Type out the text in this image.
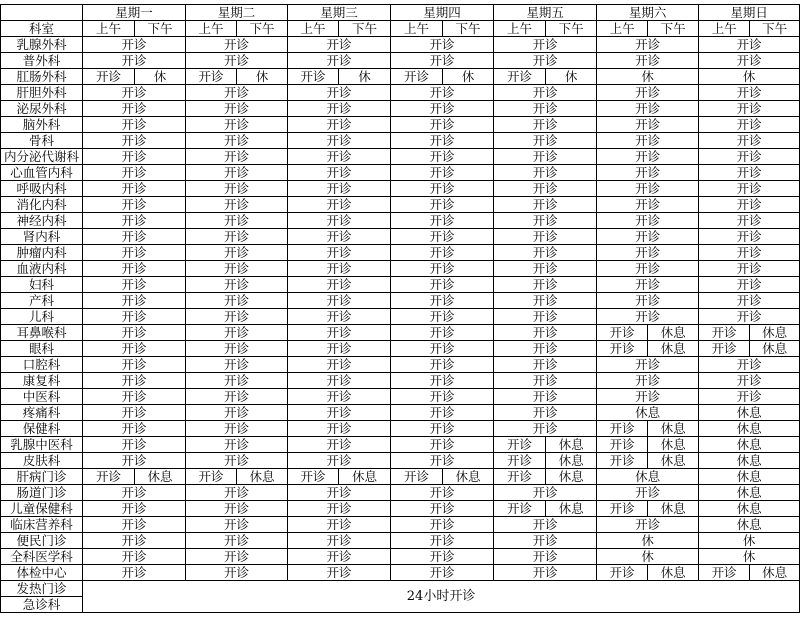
	星期一		星期二		星期三		星期四		星期五		星期六		星期日	
科室	上午	下午	上午	下午	上午	下午	上午	下午	上午	下午	上午	下午	上午	下午
乳腺外科	开诊		开诊		开诊		开诊		开诊		开诊		开诊	
普外科	开诊		开诊		开诊		开诊		开诊		开诊		开诊	
肛肠外科	开诊	休	开诊	休	开诊	休	开诊	休	开诊	休	休		休	
肝胆外科	开诊		开诊		开诊		开诊		开诊		开诊		开诊	
泌尿外科	开诊		开诊		开诊		开诊		开诊		开诊		开诊	
脑外科	开诊		开诊		开诊		开诊		开诊		开诊		开诊	
骨科	开诊		开诊		开诊		开诊		开诊		开诊		开诊	
内分泌代谢科	开诊		开诊		开诊		开诊		开诊		开诊		开诊	
心血管内科	开诊		开诊		开诊		开诊		开诊		开诊		开诊	
呼吸内科	开诊		开诊		开诊		开诊		开诊		开诊		开诊	
消化内科	开诊		开诊		开诊		开诊		开诊		开诊		开诊	
神经内科	开诊		开诊		开诊		开诊		开诊		开诊		开诊	
肾内科	开诊		开诊		开诊		开诊		开诊		开诊		开诊	
肿瘤内科	开诊		开诊		开诊		开诊		开诊		开诊		开诊	
血液内科	开诊		开诊		开诊		开诊		开诊		开诊		开诊	
妇科	开诊		开诊		开诊		开诊		开诊		开诊		开诊	
产科	开诊		开诊		开诊		开诊		开诊		开诊		开诊	
儿科	开诊		开诊		开诊		开诊		开诊		开诊		开诊	
耳鼻喉科	开诊		开诊		开诊		开诊		开诊		开诊	休息	开诊	休息
眼科	开诊		开诊		开诊		开诊		开诊		开诊	休息	开诊	休息
口腔科	开诊		开诊		开诊		开诊		开诊		开诊		开诊	
康复科	开诊		开诊		开诊		开诊		开诊		开诊		开诊	
中医科	开诊		开诊		开诊		开诊		开诊		开诊		开诊	
疼痛科	开诊		开诊		开诊		开诊		开诊		休息		休息	
保健科	开诊		开诊		开诊		开诊		开诊		开诊	休息	休息	
乳腺中医科	开诊		开诊		开诊		开诊		开诊	休息	开诊	休息	休息	
皮肤科	开诊		开诊		开诊		开诊		开诊	休息	开诊	休息	休息	
肝病门诊	开诊	休息	开诊	休息	开诊	休息	开诊	休息	开诊	休息	休息		休息	
肠道门诊	开诊		开诊		开诊		开诊		开诊		开诊		休息	
儿童保健科	开诊		开诊		开诊		开诊		开诊	休息	开诊	休息	休息	
临床营养科	开诊		开诊		开诊		开诊		开诊		开诊		休息	
便民门诊	开诊		开诊		开诊		开诊		开诊		休		休	
全科医学科	开诊		开诊		开诊		开诊		开诊		休		休	
体检中心	开诊		开诊		开诊		开诊		开诊		开诊	休息	开诊	休息
发热门诊	24小时开诊													
急诊科														
